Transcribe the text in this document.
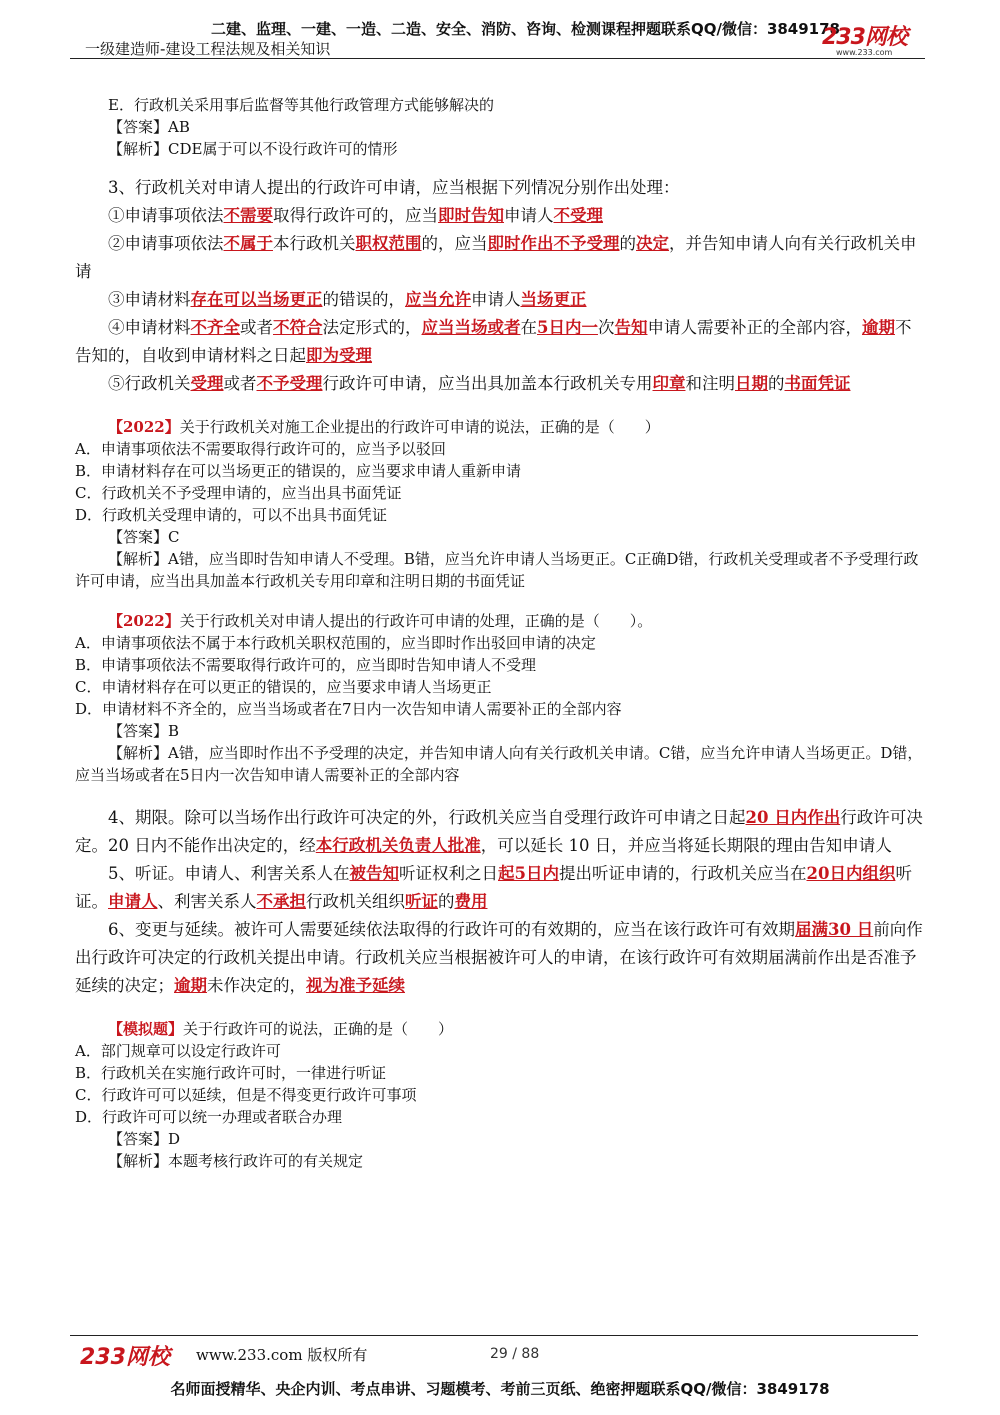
二建、监理、一建、一造、二造、安全、消防、咨询、检测课程押题联系QQ/微信：3849178
一级建造师-建设工程法规及相关知识	233网校
www.233.com

E．行政机关采用事后监督等其他行政管理方式能够解决的

【答案】AB

【解析】CDE属于可以不设行政许可的情形

3、行政机关对申请人提出的行政许可申请，应当根据下列情况分别作出处理：

①申请事项依法不需要取得行政许可的，应当即时告知申请人不受理

②申请事项依法不属于本行政机关职权范围的，应当即时作出不予受理的决定，并告知申请人向有关行政机关申请

③申请材料存在可以当场更正的错误的，应当允许申请人当场更正

④申请材料不齐全或者不符合法定形式的，应当当场或者在5日内一次告知申请人需要补正的全部内容，逾期不告知的，自收到申请材料之日起即为受理

⑤行政机关受理或者不予受理行政许可申请，应当出具加盖本行政机关专用印章和注明日期的书面凭证

【2022】关于行政机关对施工企业提出的行政许可申请的说法，正确的是（　　）

A．申请事项依法不需要取得行政许可的，应当予以驳回

B．申请材料存在可以当场更正的错误的，应当要求申请人重新申请

C．行政机关不予受理申请的，应当出具书面凭证

D．行政机关受理申请的，可以不出具书面凭证

【答案】C

【解析】A错，应当即时告知申请人不受理。B错，应当允许申请人当场更正。C正确D错，行政机关受理或者不予受理行政许可申请，应当出具加盖本行政机关专用印章和注明日期的书面凭证

【2022】关于行政机关对申请人提出的行政许可申请的处理，正确的是（　　）。

A．申请事项依法不属于本行政机关职权范围的，应当即时作出驳回申请的决定

B．申请事项依法不需要取得行政许可的，应当即时告知申请人不受理

C．申请材料存在可以更正的错误的，应当要求申请人当场更正

D．申请材料不齐全的，应当当场或者在7日内一次告知申请人需要补正的全部内容

【答案】B

【解析】A错，应当即时作出不予受理的决定，并告知申请人向有关行政机关申请。C错，应当允许申请人当场更正。D错，应当当场或者在5日内一次告知申请人需要补正的全部内容

4、期限。除可以当场作出行政许可决定的外，行政机关应当自受理行政许可申请之日起20 日内作出行政许可决定。20 日内不能作出决定的，经本行政机关负责人批准，可以延长 10 日，并应当将延长期限的理由告知申请人

5、听证。申请人、利害关系人在被告知听证权利之日起5日内提出听证申请的，行政机关应当在20日内组织听证。申请人、利害关系人不承担行政机关组织听证的费用

6、变更与延续。被许可人需要延续依法取得的行政许可的有效期的，应当在该行政许可有效期届满30 日前向作出行政许可决定的行政机关提出申请。行政机关应当根据被许可人的申请，在该行政许可有效期届满前作出是否准予延续的决定；逾期未作决定的，视为准予延续

【模拟题】关于行政许可的说法，正确的是（　　）

A．部门规章可以设定行政许可

B．行政机关在实施行政许可时，一律进行听证

C．行政许可可以延续，但是不得变更行政许可事项

D．行政许可可以统一办理或者联合办理

【答案】D

【解析】本题考核行政许可的有关规定

233网校 www.233.com 版权所有	29 / 88
名师面授精华、央企内训、考点串讲、习题模考、考前三页纸、绝密押题联系QQ/微信：3849178
